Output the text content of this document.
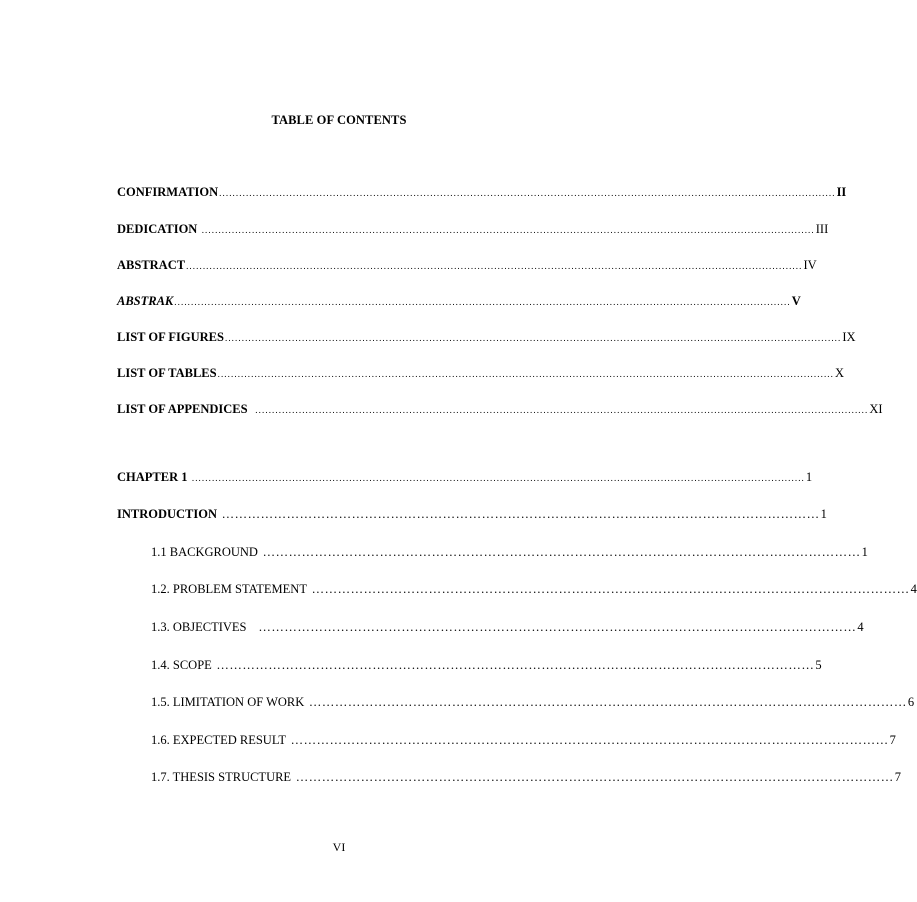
TABLE OF CONTENTS
CONFIRMATION ........................................................................................................................................................................................ II
DEDICATION ....................................................................................................................................................................................... III
ABSTRACT ........................................................................................................................................................................................ IV
ABSTRAK ........................................................................................................................................................................................ V
LIST OF FIGURES ........................................................................................................................................................................................ IX
LIST OF TABLES ........................................................................................................................................................................................ X
LIST OF APPENDICES ....................................................................................................................................................................................... XI
CHAPTER 1 ....................................................................................................................................................................................... 1
INTRODUCTION ………………………………………………………………………………………………………………………… 1
1.1 BACKGROUND ………………………………………………………………………………………………………………………… 1
1.2. PROBLEM STATEMENT ………………………………………………………………………………………………………………………… 4
1.3. OBJECTIVES ………………………………………………………………………………………………………………………… 4
1.4. SCOPE ………………………………………………………………………………………………………………………… 5
1.5. LIMITATION OF WORK ………………………………………………………………………………………………………………………… 6
1.6. EXPECTED RESULT ………………………………………………………………………………………………………………………… 7
1.7. THESIS STRUCTURE ………………………………………………………………………………………………………………………… 7
VI
